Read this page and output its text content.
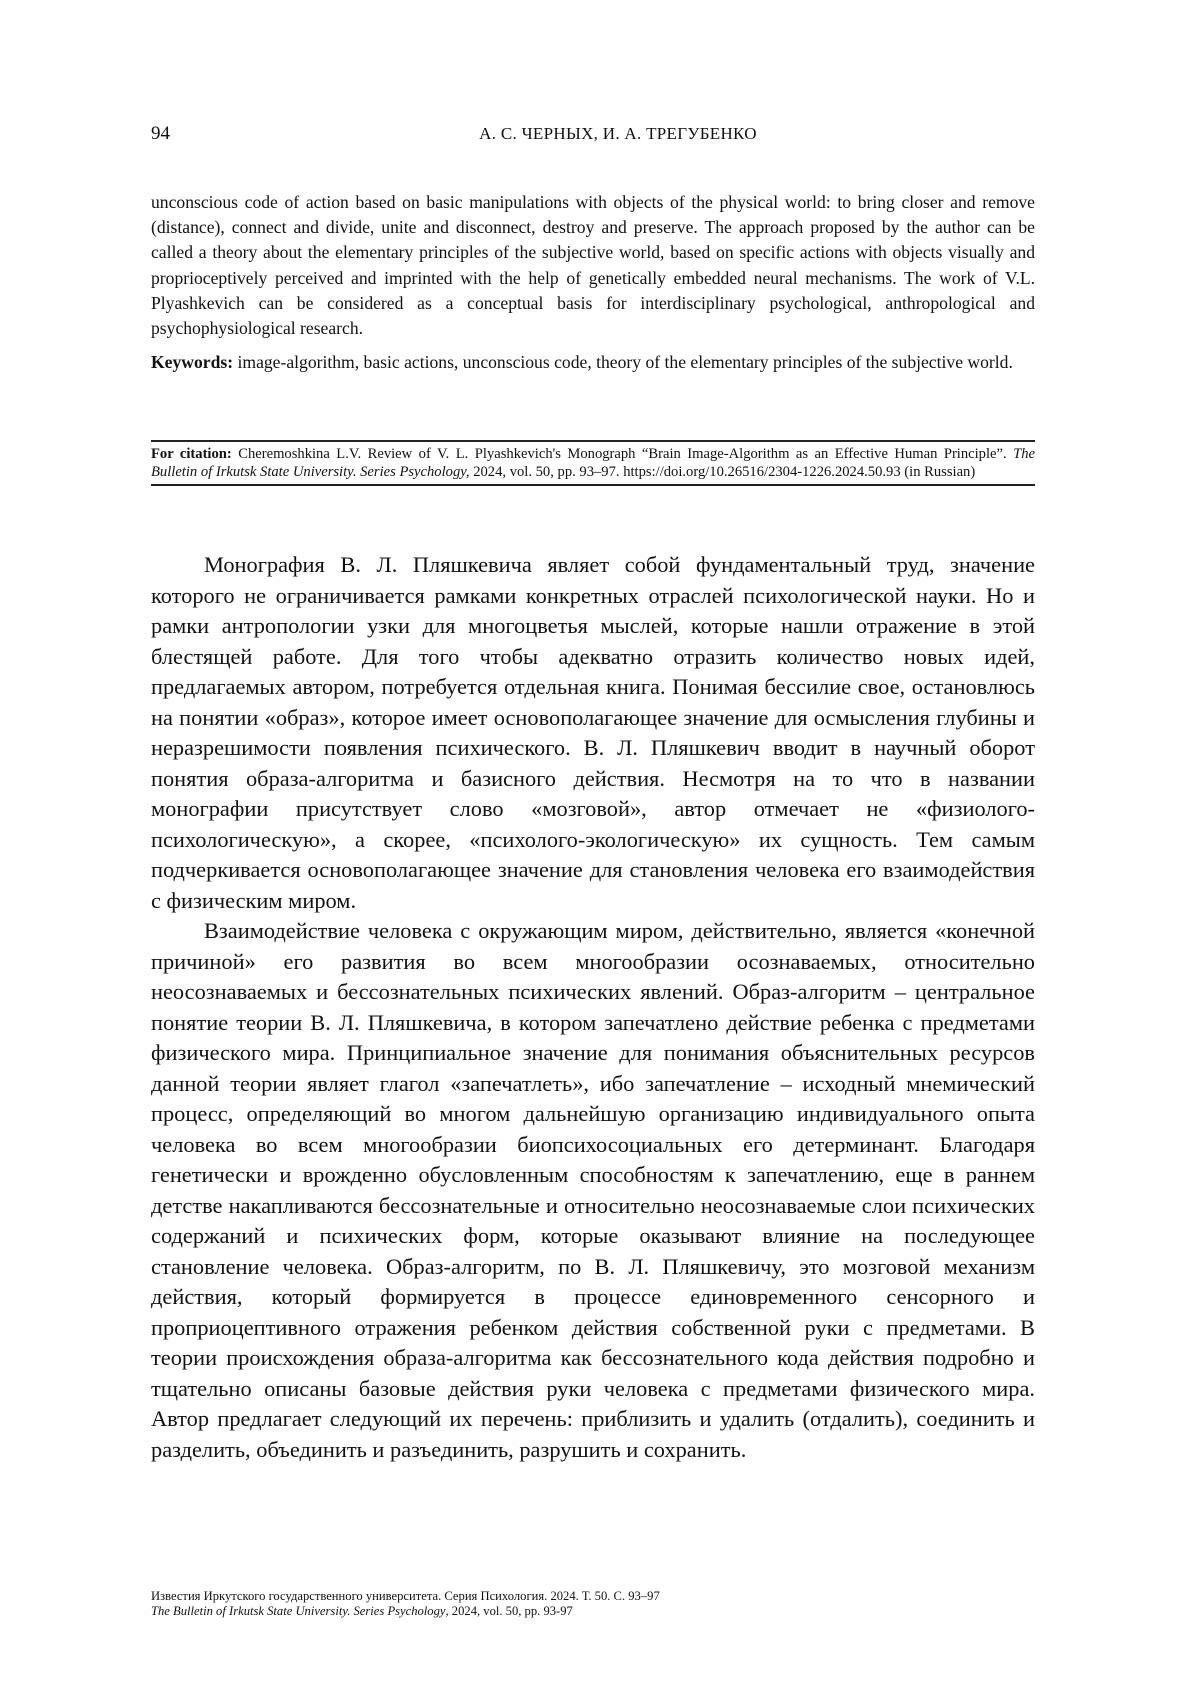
94	А. С. ЧЕРНЫХ, И. А. ТРЕГУБЕНКО

unconscious code of action based on basic manipulations with objects of the physical world: to bring closer and remove (distance), connect and divide, unite and disconnect, destroy and preserve. The approach proposed by the author can be called a theory about the elementary principles of the subjective world, based on specific actions with objects visually and proprioceptively perceived and imprinted with the help of genetically embedded neural mechanisms. The work of V.L. Plyashkevich can be considered as a conceptual basis for interdisciplinary psychological, anthropological and psychophysiological research.

Keywords: image-algorithm, basic actions, unconscious code, theory of the elementary principles of the subjective world.

For citation: Cheremoshkina L.V. Review of V. L. Plyashkevich's Monograph “Brain Image-Algorithm as an Effective Human Principle”. The Bulletin of Irkutsk State University. Series Psychology, 2024, vol. 50, pp. 93–97. https://doi.org/10.26516/2304-1226.2024.50.93 (in Russian)

Монография В. Л. Пляшкевича являет собой фундаментальный труд, значение которого не ограничивается рамками конкретных отраслей психологической науки. Но и рамки антропологии узки для многоцветья мыслей, которые нашли отражение в этой блестящей работе. Для того чтобы адекватно отразить количество новых идей, предлагаемых автором, потребуется отдельная книга. Понимая бессилие свое, остановлюсь на понятии «образ», которое имеет основополагающее значение для осмысления глубины и неразрешимости появления психического. В. Л. Пляшкевич вводит в научный оборот понятия образа-алгоритма и базисного действия. Несмотря на то что в названии монографии присутствует слово «мозговой», автор отмечает не «физиолого-психологическую», а скорее, «психолого-экологическую» их сущность. Тем самым подчеркивается основополагающее значение для становления человека его взаимодействия с физическим миром.

Взаимодействие человека с окружающим миром, действительно, является «конечной причиной» его развития во всем многообразии осознаваемых, относительно неосознаваемых и бессознательных психических явлений. Образ-алгоритм – центральное понятие теории В. Л. Пляшкевича, в котором запечатлено действие ребенка с предметами физического мира. Принципиальное значение для понимания объяснительных ресурсов данной теории являет глагол «запечатлеть», ибо запечатление – исходный мнемический процесс, определяющий во многом дальнейшую организацию индивидуального опыта человека во всем многообразии биопсихосоциальных его детерминант. Благодаря генетически и врожденно обусловленным способностям к запечатлению, еще в раннем детстве накапливаются бессознательные и относительно неосознаваемые слои психических содержаний и психических форм, которые оказывают влияние на последующее становление человека. Образ-алгоритм, по В. Л. Пляшкевичу, это мозговой механизм действия, который формируется в процессе единовременного сенсорного и проприоцептивного отражения ребенком действия собственной руки с предметами. В теории происхождения образа-алгоритма как бессознательного кода действия подробно и тщательно описаны базовые действия руки человека с предметами физического мира. Автор предлагает следующий их перечень: приблизить и удалить (отдалить), соединить и разделить, объединить и разъединить, разрушить и сохранить.

Известия Иркутского государственного университета. Серия Психология. 2024. Т. 50. С. 93–97
The Bulletin of Irkutsk State University. Series Psychology, 2024, vol. 50, pp. 93-97
